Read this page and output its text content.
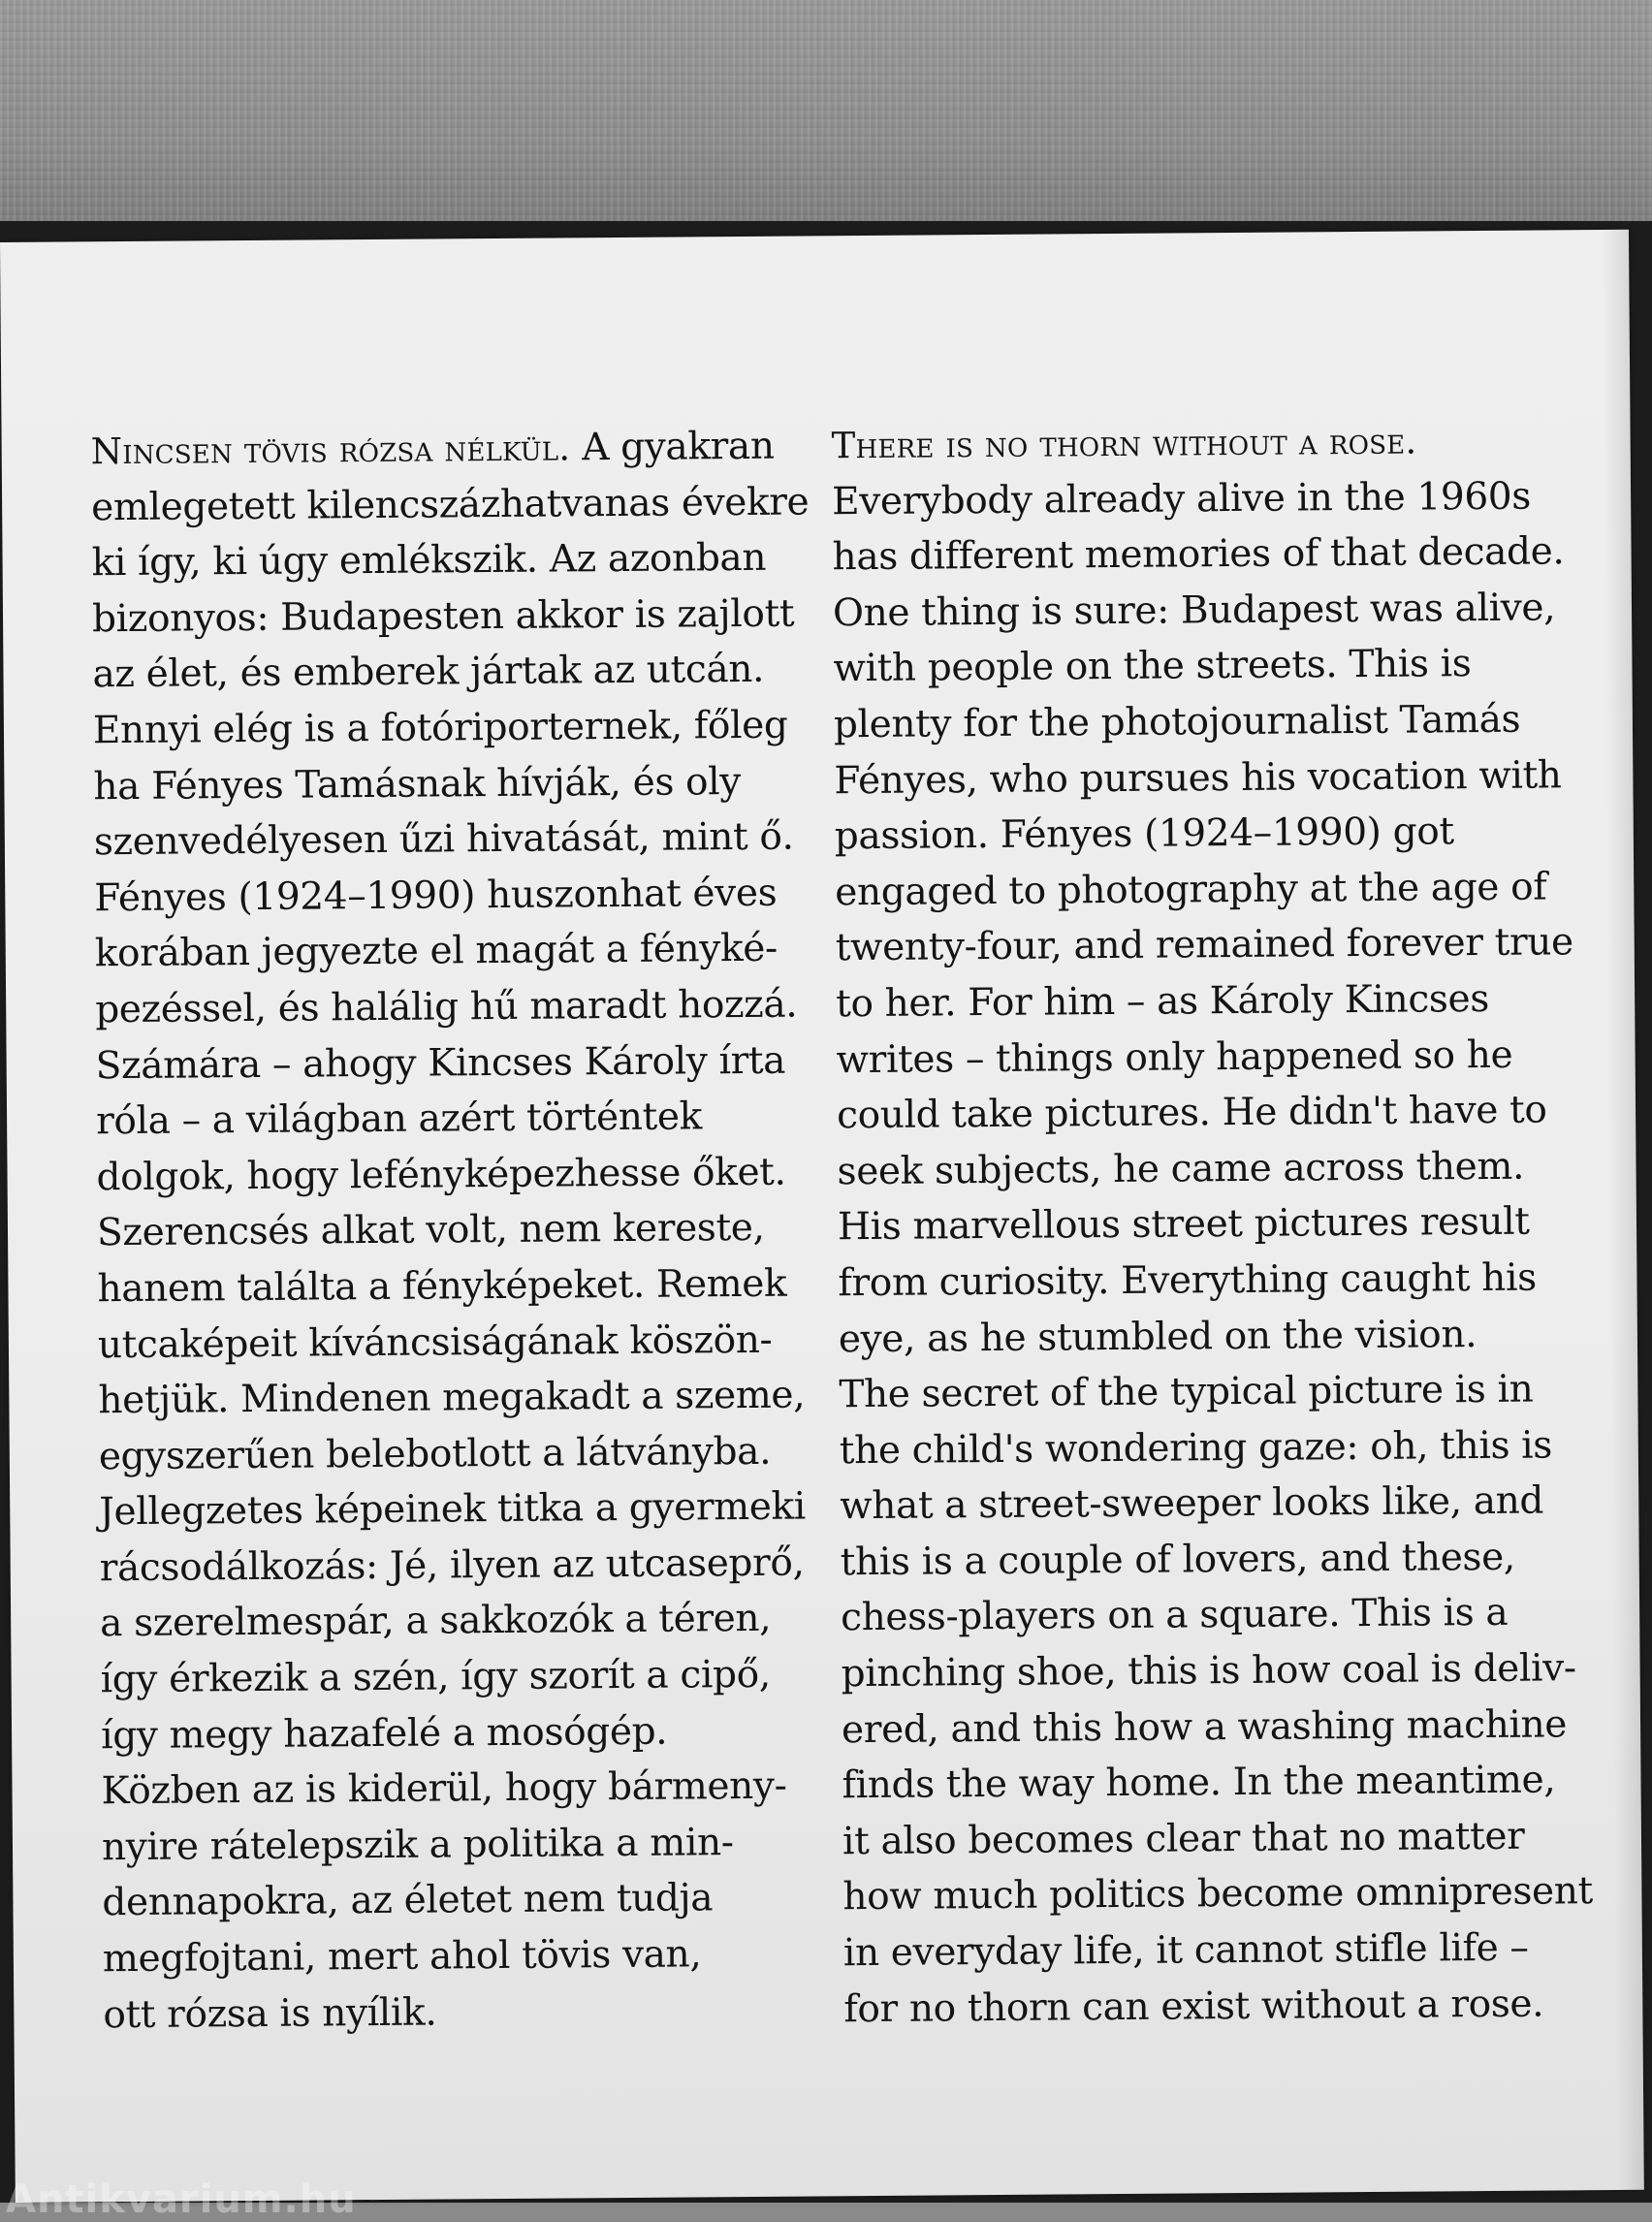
Nincsen tövis rózsa nélkül. A gyakran
emlegetett kilencszázhatvanas évekre
ki így, ki úgy emlékszik. Az azonban
bizonyos: Budapesten akkor is zajlott
az élet, és emberek jártak az utcán.
Ennyi elég is a fotóriporternek, főleg
ha Fényes Tamásnak hívják, és oly
szenvedélyesen űzi hivatását, mint ő.
Fényes (1924–1990) huszonhat éves
korában jegyezte el magát a fényké-
pezéssel, és halálig hű maradt hozzá.
Számára – ahogy Kincses Károly írta
róla – a világban azért történtek
dolgok, hogy lefényképezhesse őket.
Szerencsés alkat volt, nem kereste,
hanem találta a fényképeket. Remek
utcaképeit kíváncsiságának köszön-
hetjük. Mindenen megakadt a szeme,
egyszerűen belebotlott a látványba.
Jellegzetes képeinek titka a gyermeki
rácsodálkozás: Jé, ilyen az utcaseprő,
a szerelmespár, a sakkozók a téren,
így érkezik a szén, így szorít a cipő,
így megy hazafelé a mosógép.
Közben az is kiderül, hogy bármeny-
nyire rátelepszik a politika a min-
dennapokra, az életet nem tudja
megfojtani, mert ahol tövis van,
ott rózsa is nyílik.
There is no thorn without a rose.
Everybody already alive in the 1960s
has different memories of that decade.
One thing is sure: Budapest was alive,
with people on the streets. This is
plenty for the photojournalist Tamás
Fényes, who pursues his vocation with
passion. Fényes (1924–1990) got
engaged to photography at the age of
twenty-four, and remained forever true
to her. For him – as Károly Kincses
writes – things only happened so he
could take pictures. He didn't have to
seek subjects, he came across them.
His marvellous street pictures result
from curiosity. Everything caught his
eye, as he stumbled on the vision.
The secret of the typical picture is in
the child's wondering gaze: oh, this is
what a street-sweeper looks like, and
this is a couple of lovers, and these,
chess-players on a square. This is a
pinching shoe, this is how coal is deliv-
ered, and this how a washing machine
finds the way home. In the meantime,
it also becomes clear that no matter
how much politics become omnipresent
in everyday life, it cannot stifle life –
for no thorn can exist without a rose.
Antikvarium.hu
